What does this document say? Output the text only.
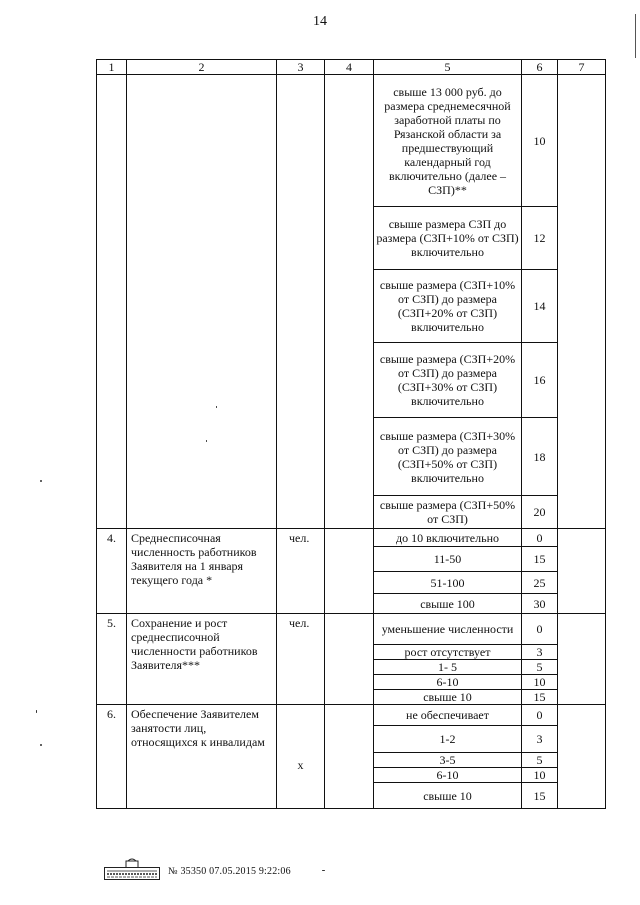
14
1	2	3	4	5	6	7
				свыше 13 000 руб. до размера среднемесячной заработной платы по Рязанской области за предшествующий календарный год включительно (далее – СЗП)**	10	
				свыше размера СЗП до размера (СЗП+10% от СЗП) включительно	12	
				свыше размера (СЗП+10% от СЗП) до размера (СЗП+20% от СЗП) включительно	14	
				свыше размера (СЗП+20% от СЗП) до размера (СЗП+30% от СЗП) включительно	16	
				свыше размера (СЗП+30% от СЗП) до размера (СЗП+50% от СЗП) включительно	18	
				свыше размера (СЗП+50% от СЗП)	20	
4.	Среднесписочная численность работников Заявителя на 1 января текущего года *	чел.		до 10 включительно	0	
				11-50	15	
				51-100	25	
				свыше 100	30	
5.	Сохранение и рост среднесписочной численности работников Заявителя***	чел.		уменьшение численности	0	
				рост отсутствует	3	
				1- 5	5	
				6-10	10	
				свыше 10	15	
6.	Обеспечение Заявителем занятости лиц, относящихся к инвалидам	x		не обеспечивает	0	
				1-2	3	
				3-5	5	
				6-10	10	
				свыше 10	15	
№ 35350 07.05.2015 9:22:06
